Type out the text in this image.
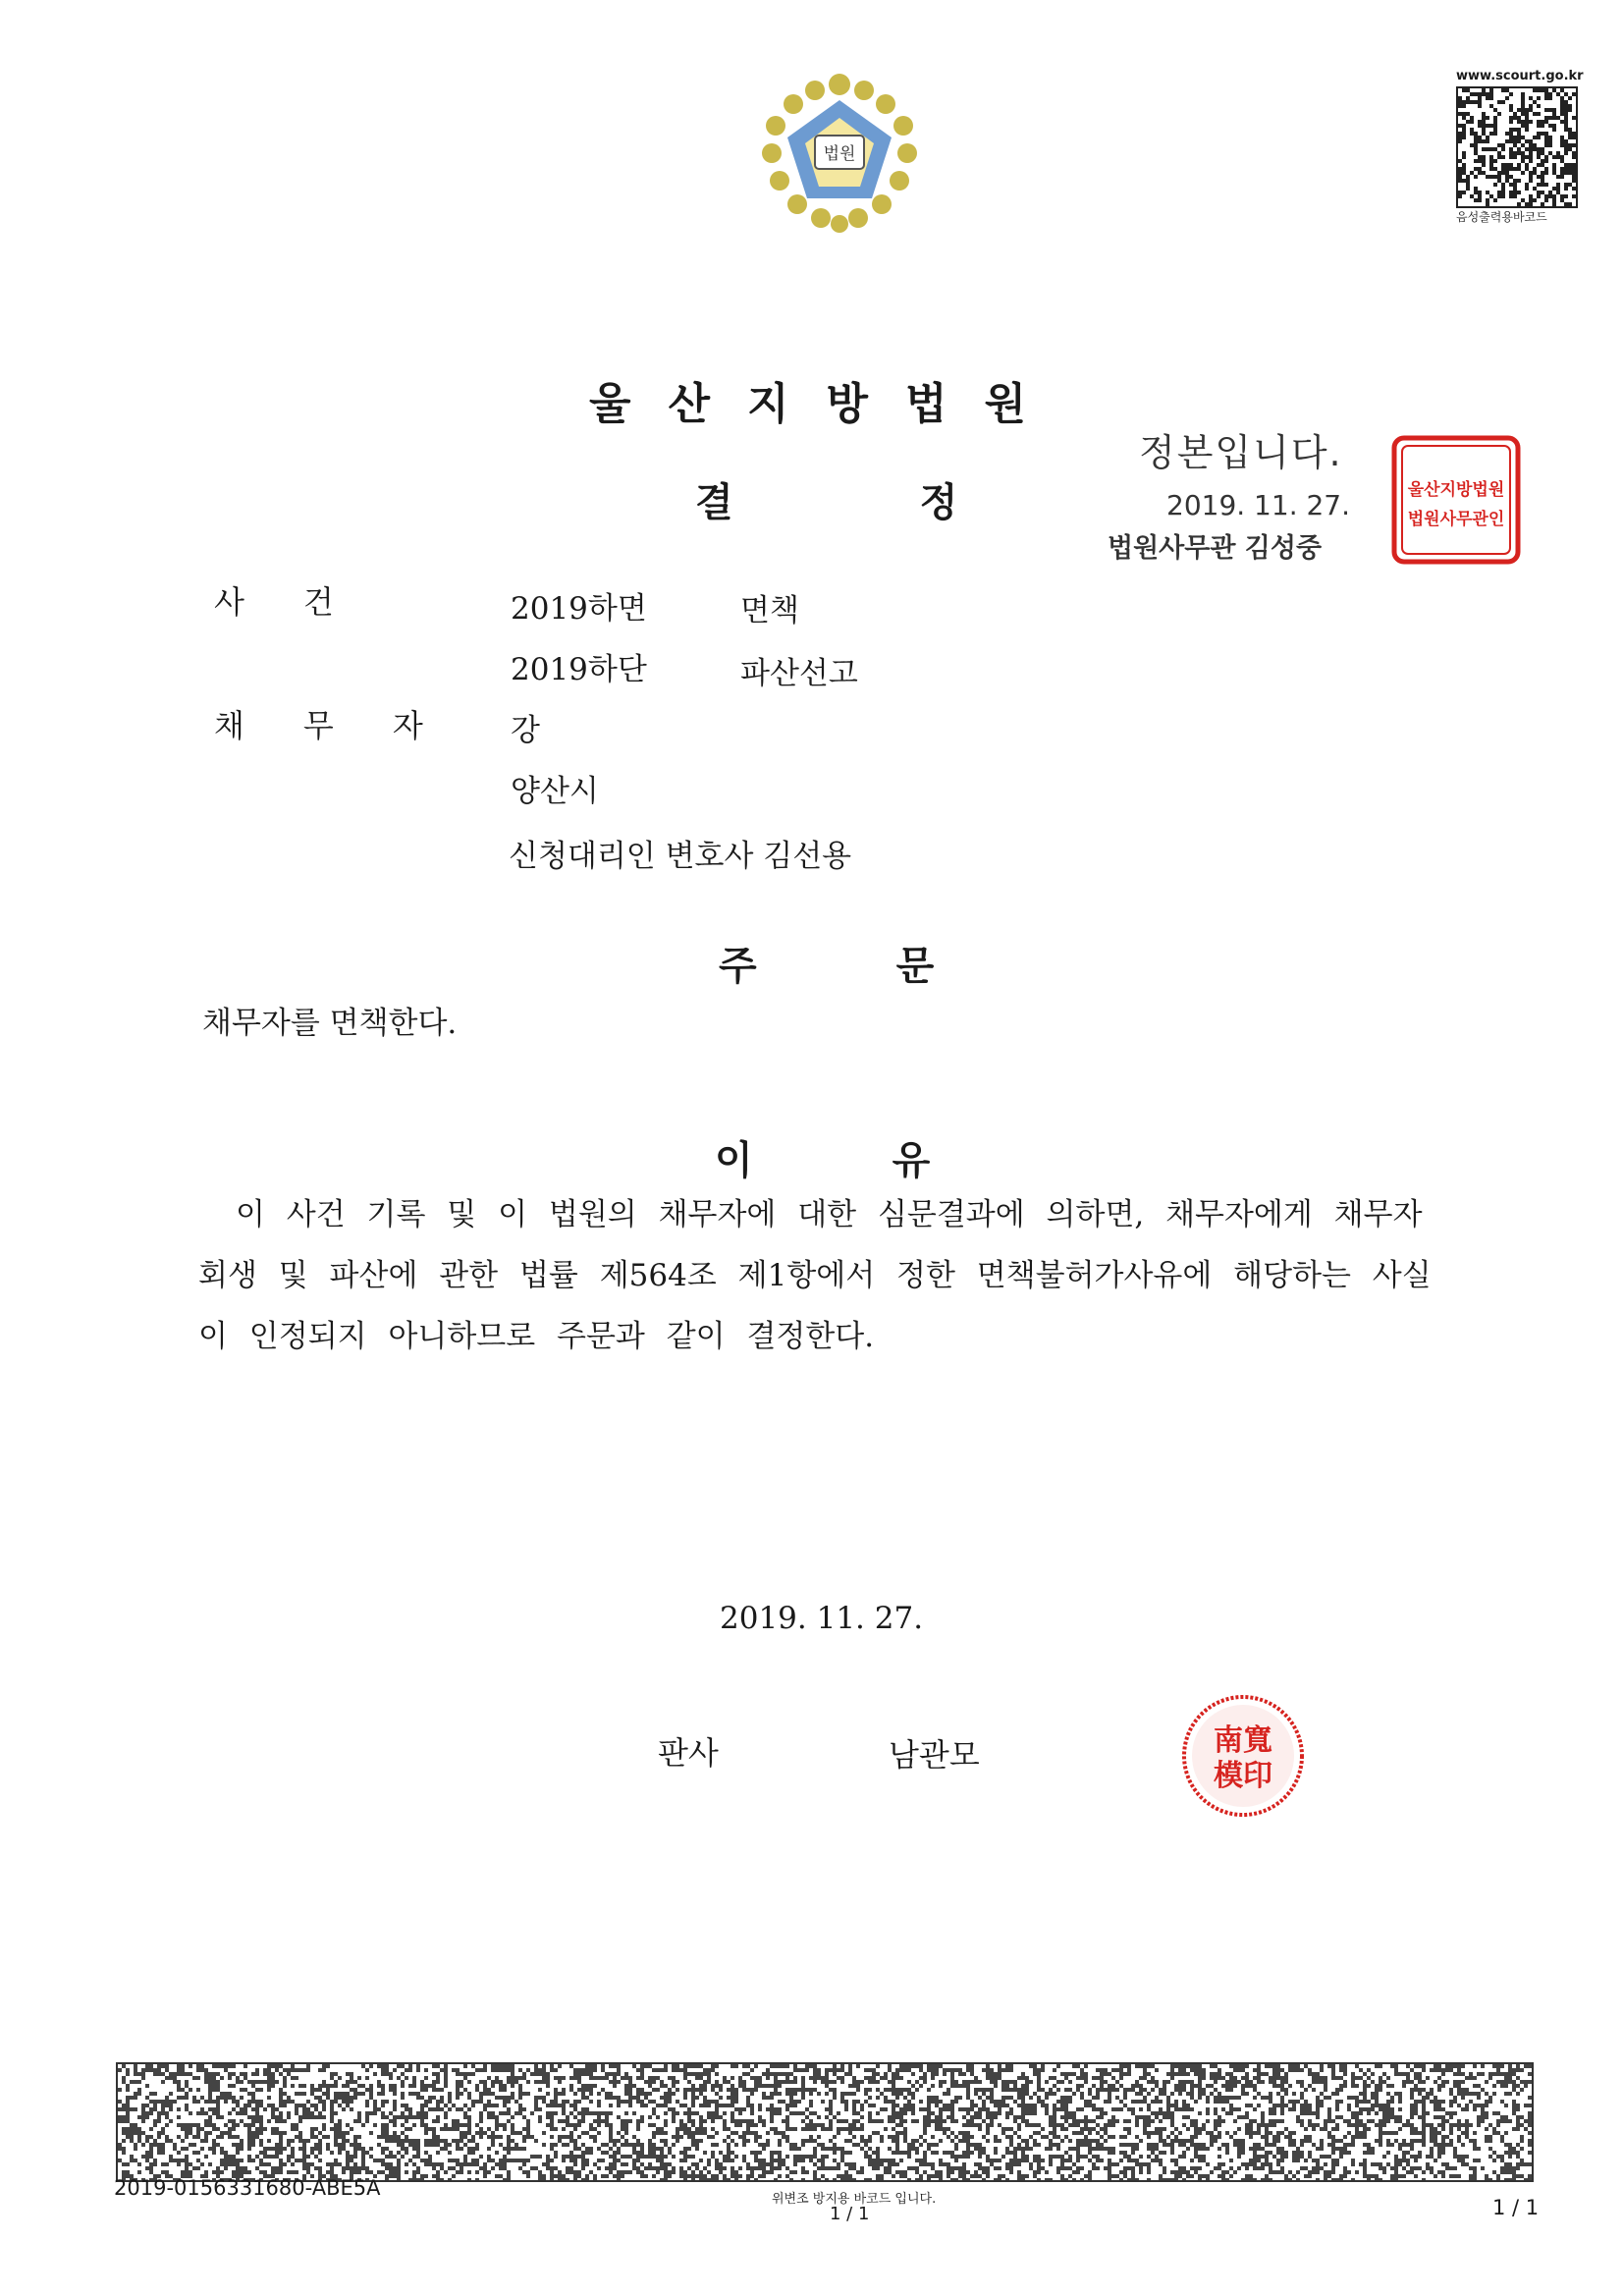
법원
www.scourt.go.kr
음성출력용바코드
울산지방법원
결정
정본입니다.
2019. 11. 27.
법원사무관 김성중
울산지방법원
법원사무관인
사건	2019하면	면책
2019하단	파산선고
채무자 강
양산시
신청대리인 변호사 김선용
주문
채무자를 면책한다.
이유
이 사건 기록 및 이 법원의 채무자에 대한 심문결과에 의하면, 채무자에게 채무자 회생 및 파산에 관한 법률 제564조 제1항에서 정한 면책불허가사유에 해당하는 사실이 인정되지 아니하므로 주문과 같이 결정한다.
2019. 11. 27.
판사	남관모	南寬
模印
2019-0156331680-ABE5A	위변조 방지용 바코드 입니다.
1 / 1	1 / 1
